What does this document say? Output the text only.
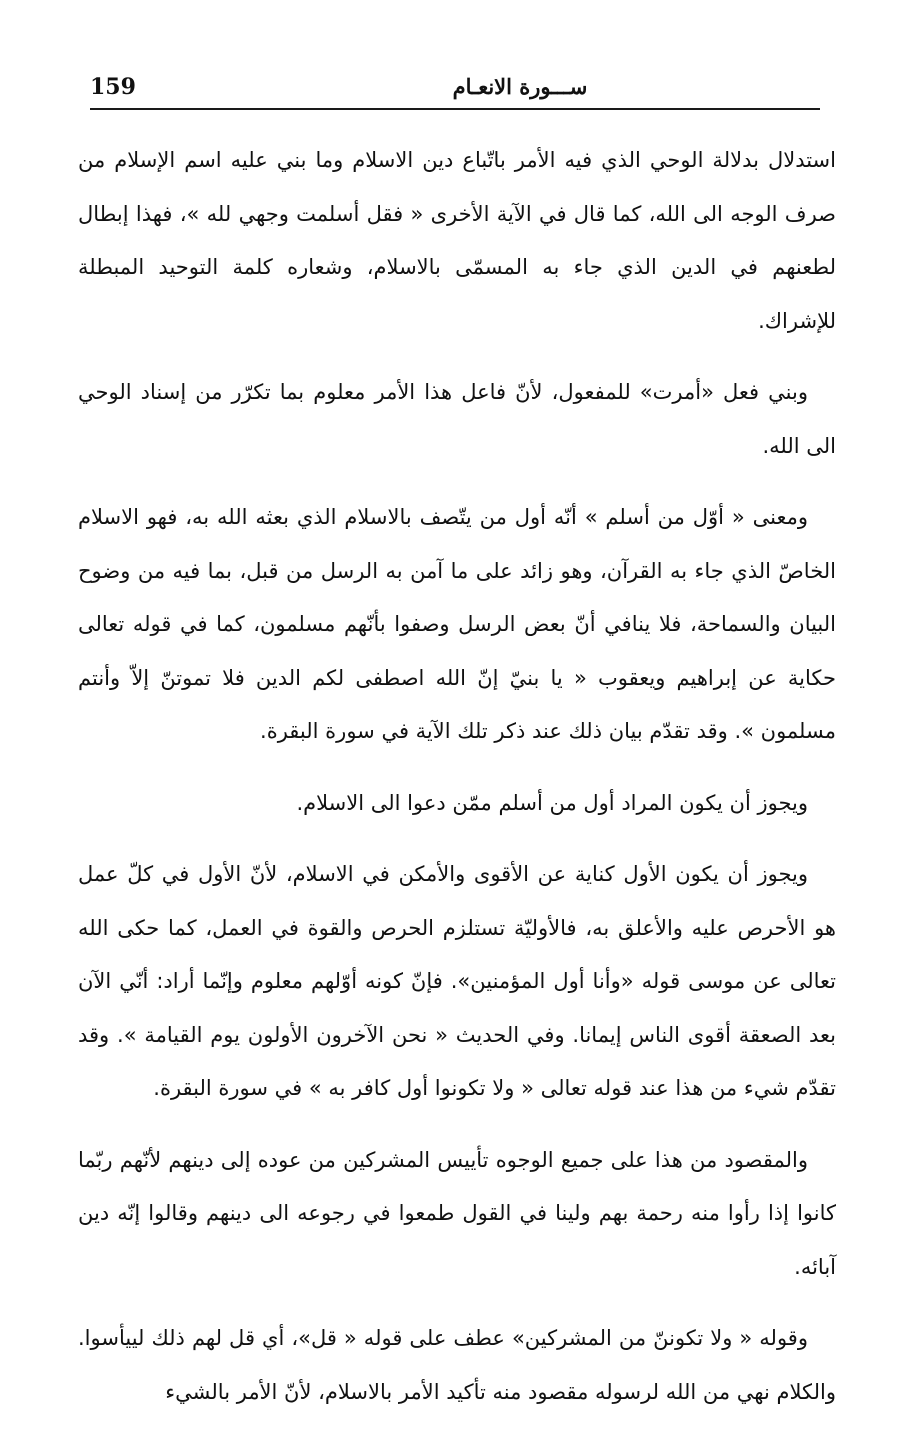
159	ســـورة الانعـام

استدلال بدلالة الوحي الذي فيه الأمر باتّباع دين الاسلام وما بني عليه اسم الإسلام من صرف الوجه الى الله، كما قال في الآية الأخرى « فقل أسلمت وجهي لله »، فهذا إبطال لطعنهم في الدين الذي جاء به المسمّى بالاسلام، وشعاره كلمة التوحيد المبطلة للإشراك.

وبني فعل «أمرت» للمفعول، لأنّ فاعل هذا الأمر معلوم بما تكرّر من إسناد الوحي الى الله.

ومعنى « أوّل من أسلم » أنّه أول من يتّصف بالاسلام الذي بعثه الله به، فهو الاسلام الخاصّ الذي جاء به القرآن، وهو زائد على ما آمن به الرسل من قبل، بما فيه من وضوح البيان والسماحة، فلا ينافي أنّ بعض الرسل وصفوا بأنّهم مسلمون، كما في قوله تعالى حكاية عن إبراهيم ويعقوب « يا بنيّ إنّ الله اصطفى لكم الدين فلا تموتنّ إلاّ وأنتم مسلمون ». وقد تقدّم بيان ذلك عند ذكر تلك الآية في سورة البقرة.

ويجوز أن يكون المراد أول من أسلم ممّن دعوا الى الاسلام.

ويجوز أن يكون الأول كناية عن الأقوى والأمكن في الاسلام، لأنّ الأول في كلّ عمل هو الأحرص عليه والأعلق به، فالأوليّة تستلزم الحرص والقوة في العمل، كما حكى الله تعالى عن موسى قوله «وأنا أول المؤمنين». فإنّ كونه أوّلهم معلوم وإنّما أراد: أنّي الآن بعد الصعقة أقوى الناس إيمانا. وفي الحديث « نحن الآخرون الأولون يوم القيامة ». وقد تقدّم شيء من هذا عند قوله تعالى « ولا تكونوا أول كافر به » في سورة البقرة.

والمقصود من هذا على جميع الوجوه تأييس المشركين من عوده إلى دينهم لأنّهم ربّما كانوا إذا رأوا منه رحمة بهم ولينا في القول طمعوا في رجوعه الى دينهم وقالوا إنّه دين آبائه.

وقوله « ولا تكوننّ من المشركين» عطف على قوله « قل»، أي قل لهم ذلك لييأسوا. والكلام نهي من الله لرسوله مقصود منه تأكيد الأمر بالاسلام، لأنّ الأمر بالشيء
